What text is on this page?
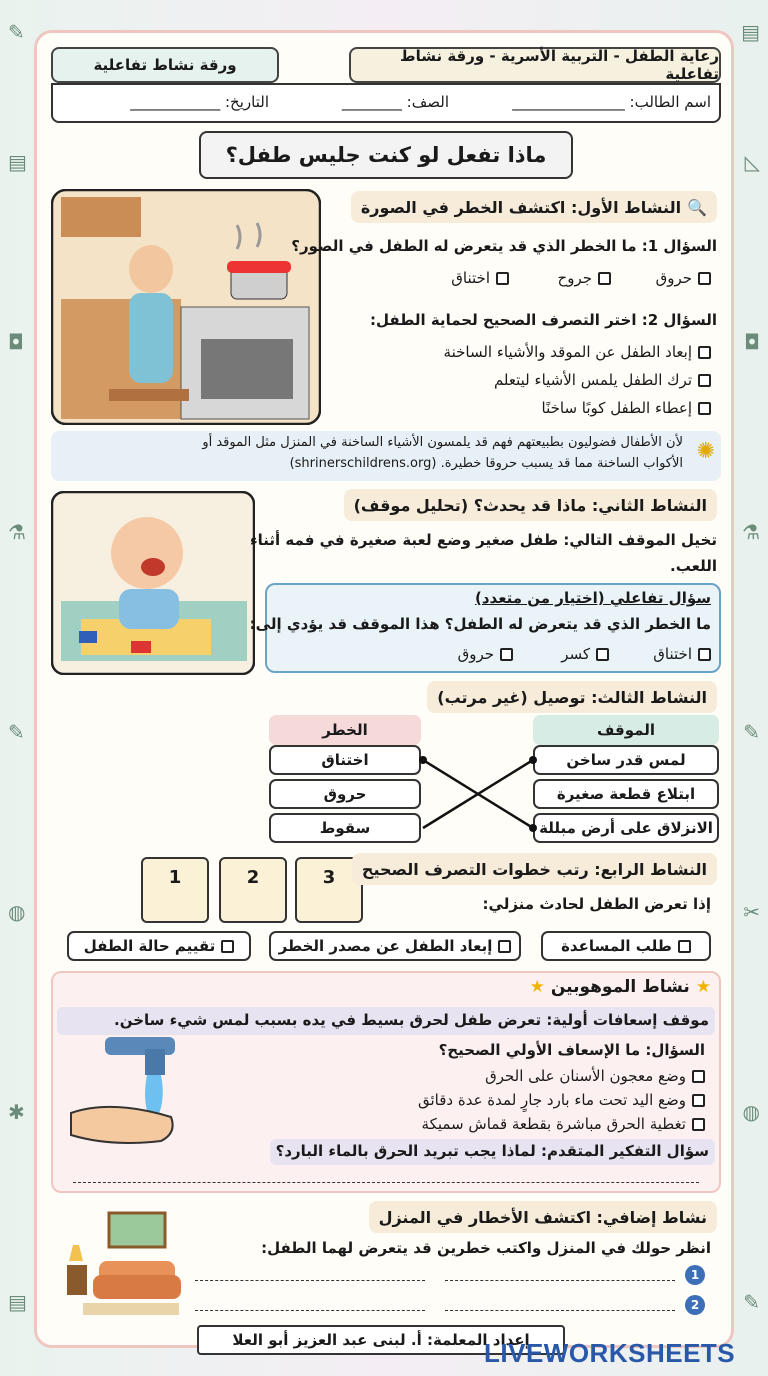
✎
▤
◘
⚗
✎
◍
✱
▤
▤
◺
◘
⚗
✎
✂
◍
✎
ورقة نشاط تفاعلية	رعاية الطفل - التربية الأسرية - ورقة نشاط تفاعلية
اسم الطالب: _______________
الصف: ________
التاريخ: ____________
ماذا تفعل لو كنت جليس طفل؟
🔍
النشاط الأول: اكتشف الخطر في الصورة
السؤال 1: ما الخطر الذي قد يتعرض له الطفل في الصور؟
حروق
جروح
اختناق
السؤال 2: اختر التصرف الصحيح لحماية الطفل:
إبعاد الطفل عن الموقد والأشياء الساخنة
ترك الطفل يلمس الأشياء ليتعلم
إعطاء الطفل كوبًا ساخنًا
✺
لأن الأطفال فضوليون بطبيعتهم فهم قد يلمسون الأشياء الساخنة في المنزل مثل الموقد أو
الأكواب الساخنة مما قد يسبب حروقا خطيرة. (shrinerschildrens.org)
النشاط الثاني: ماذا قد يحدث؟ (تحليل موقف)
تخيل الموقف التالي: طفل صغير وضع لعبة صغيرة في فمه أثناء
اللعب.
سؤال تفاعلي (اختيار من متعدد)
ما الخطر الذي قد يتعرض له الطفل؟ هذا الموقف قد يؤدي إلى:
اختناق
كسر
حروق
النشاط الثالث: توصيل (غير مرتب)
الموقف
الخطر
لمس قدر ساخن
ابتلاع قطعة صغيرة
الانزلاق على أرض مبللة
اختناق
حروق
سقوط
1	2	3	النشاط الرابع: رتب خطوات التصرف الصحيح
إذا تعرض الطفل لحادث منزلي:
طلب المساعدة
إبعاد الطفل عن مصدر الخطر
تقييم حالة الطفل
★ نشاط الموهوبين ★
موقف إسعافات أولية: تعرض طفل لحرق بسيط في يده بسبب لمس شيء ساخن.
السؤال: ما الإسعاف الأولي الصحيح؟
وضع معجون الأسنان على الحرق
وضع اليد تحت ماء بارد جارٍ لمدة عدة دقائق
تغطية الحرق مباشرة بقطعة قماش سميكة
سؤال التفكير المتقدم: لماذا يجب تبريد الحرق بالماء البارد؟
نشاط إضافي: اكتشف الأخطار في المنزل
انظر حولك في المنزل واكتب خطرين قد يتعرض لهما الطفل:
1
2
إعداد المعلمة: أ. لبنى عبد العزيز أبو العلا
LIVEWORKSHEETS
